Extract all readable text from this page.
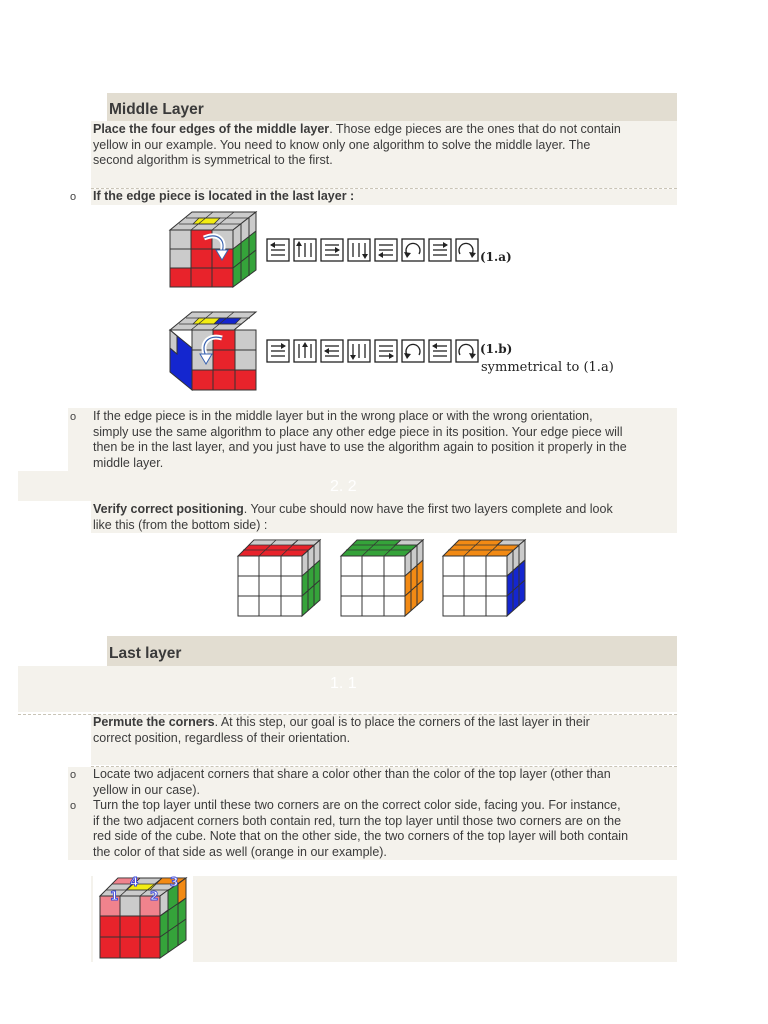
Middle Layer
Place the four edges of the middle layer. Those edge pieces are the ones that do not contain
yellow in our example. You need to know only one algorithm to solve the middle layer. The
second algorithm is symmetrical to the first.
o If the edge piece is located in the last layer :
(1.a)
(1.b)
symmetrical to (1.a)
o If the edge piece is in the middle layer but in the wrong place or with the wrong orientation,
simply use the same algorithm to place any other edge piece in its position. Your edge piece will
then be in the last layer, and you just have to use the algorithm again to position it properly in the
middle layer.
2. 2
Verify correct positioning. Your cube should now have the first two layers complete and look
like this (from the bottom side) :
Last layer
1. 1
Permute the corners. At this step, our goal is to place the corners of the last layer in their
correct position, regardless of their orientation.
o
o
Locate two adjacent corners that share a color other than the color of the top layer (other than
yellow in our case).
Turn the top layer until these two corners are on the correct color side, facing you. For instance,
if the two adjacent corners both contain red, turn the top layer until those two corners are on the
red side of the cube. Note that on the other side, the two corners of the top layer will both contain
the color of that side as well (orange in our example).
1
4
2
3
